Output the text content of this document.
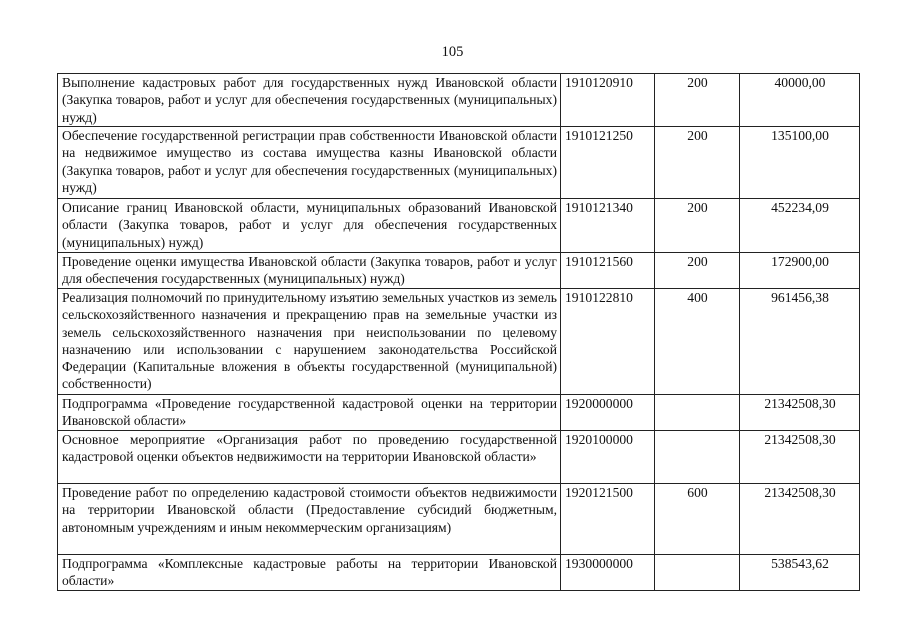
105
Выполнение кадастровых работ для государственных нужд Ивановской области (Закупка товаров, работ и услуг для обеспечения государственных (муниципальных) нужд)	1910120910	200	40000,00
Обеспечение государственной регистрации прав собственности Ивановской области на недвижимое имущество из состава имущества казны Ивановской области (Закупка товаров, работ и услуг для обеспечения государственных (муниципальных) нужд)	1910121250	200	135100,00
Описание границ Ивановской области, муниципальных образований Ивановской области (Закупка товаров, работ и услуг для обеспечения государственных (муниципальных) нужд)	1910121340	200	452234,09
Проведение оценки имущества Ивановской области (Закупка товаров, работ и услуг для обеспечения государственных (муниципальных) нужд)	1910121560	200	172900,00
Реализация полномочий по принудительному изъятию земельных участков из земель сельскохозяйственного назначения и прекращению прав на земельные участки из земель сельскохозяйственного назначения при неиспользовании по целевому назначению или использовании с нарушением законодательства Российской Федерации (Капитальные вложения в объекты государственной (муниципальной) собственности)	1910122810	400	961456,38
Подпрограмма «Проведение государственной кадастровой оценки на территории Ивановской области»	1920000000		21342508,30
Основное мероприятие «Организация работ по проведению государственной кадастровой оценки объектов недвижимости на территории Ивановской области»	1920100000		21342508,30
Проведение работ по определению кадастровой стоимости объектов недвижимости на территории Ивановской области (Предоставление субсидий бюджетным, автономным учреждениям и иным некоммерческим организациям)	1920121500	600	21342508,30
Подпрограмма «Комплексные кадастровые работы на территории Ивановской области»	1930000000		538543,62
